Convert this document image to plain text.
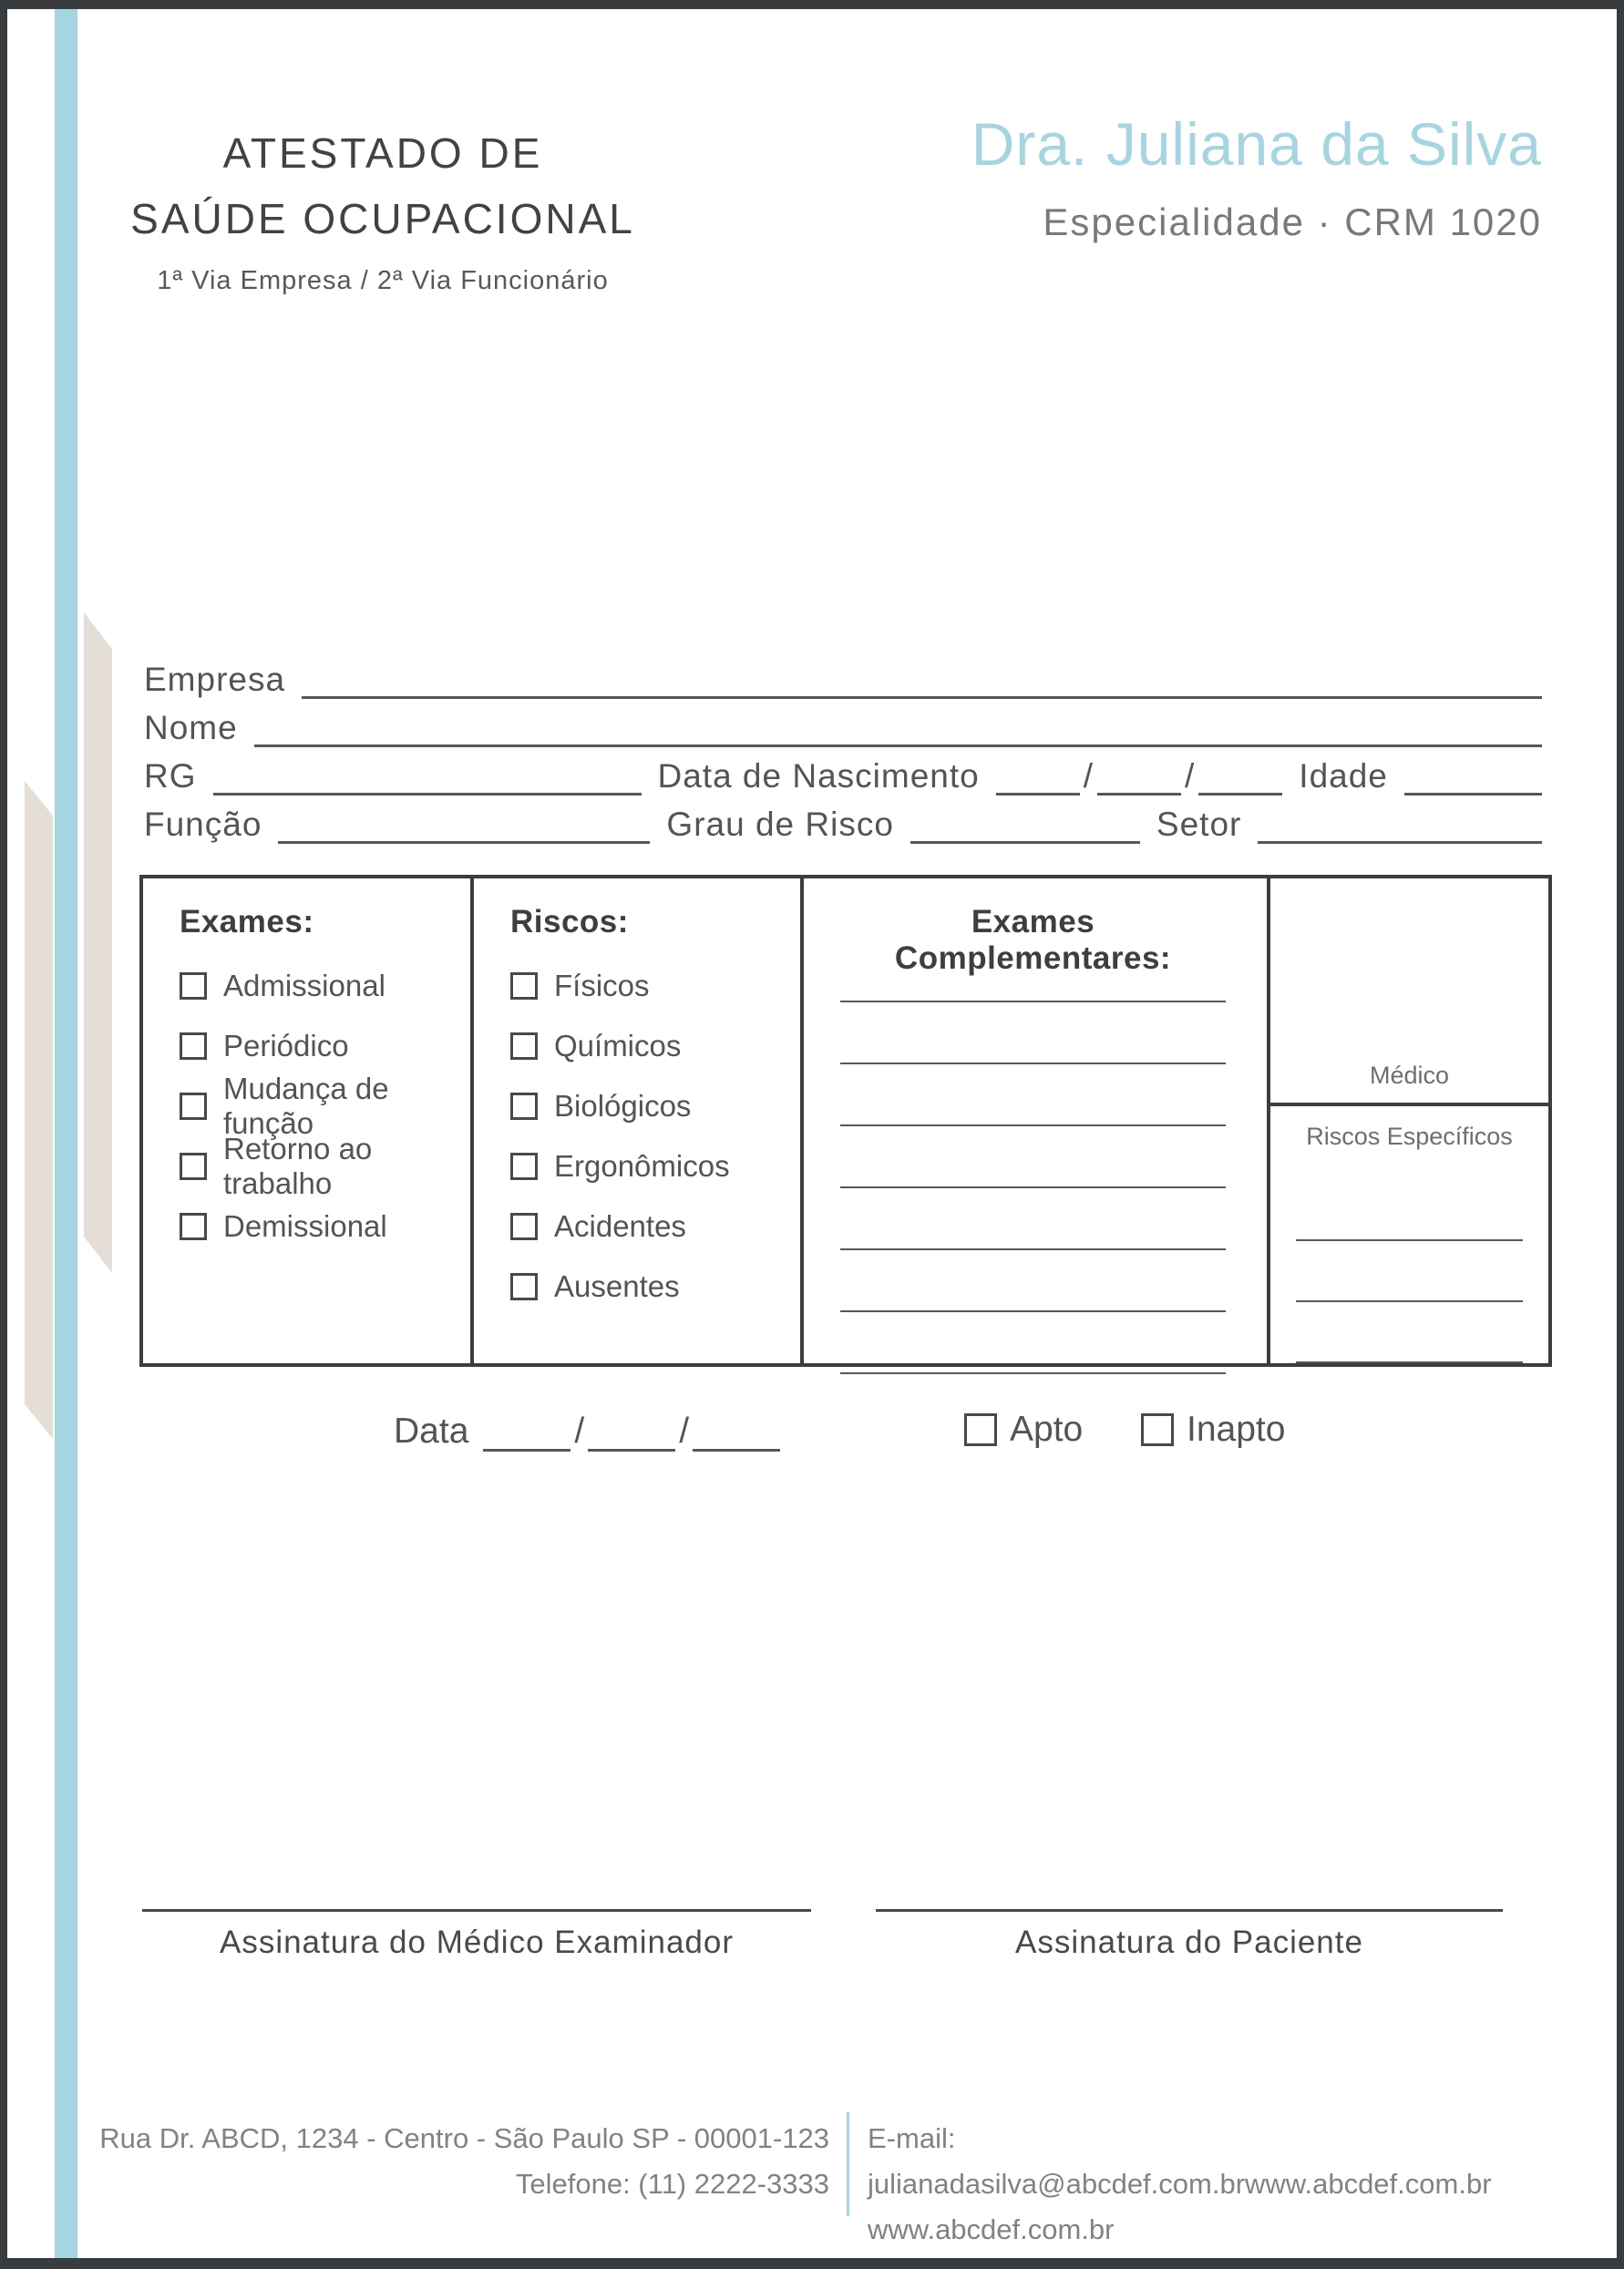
ATESTADO DE
SAÚDE OCUPACIONAL
1ª Via Empresa / 2ª Via Funcionário
Dra. Juliana da Silva
Especialidade · CRM 1020
Empresa
Nome
RG	Data de Nascimento	/	/	Idade
Função	Grau de Risco	Setor
Exames:
Admissional
Periódico
Mudança de função
Retorno ao trabalho
Demissional
Riscos:
Físicos
Químicos
Biológicos
Ergonômicos
Acidentes
Ausentes
Exames Complementares:
Médico
Riscos Específicos
Data	/	/	Apto	Inapto
Assinatura do Médico Examinador	Assinatura do Paciente
Rua Dr. ABCD, 1234 - Centro - São Paulo SP - 00001-123
Telefone: (11) 2222-3333
E-mail: julianadasilva@abcdef.com.brwww.abcdef.com.br
www.abcdef.com.br
